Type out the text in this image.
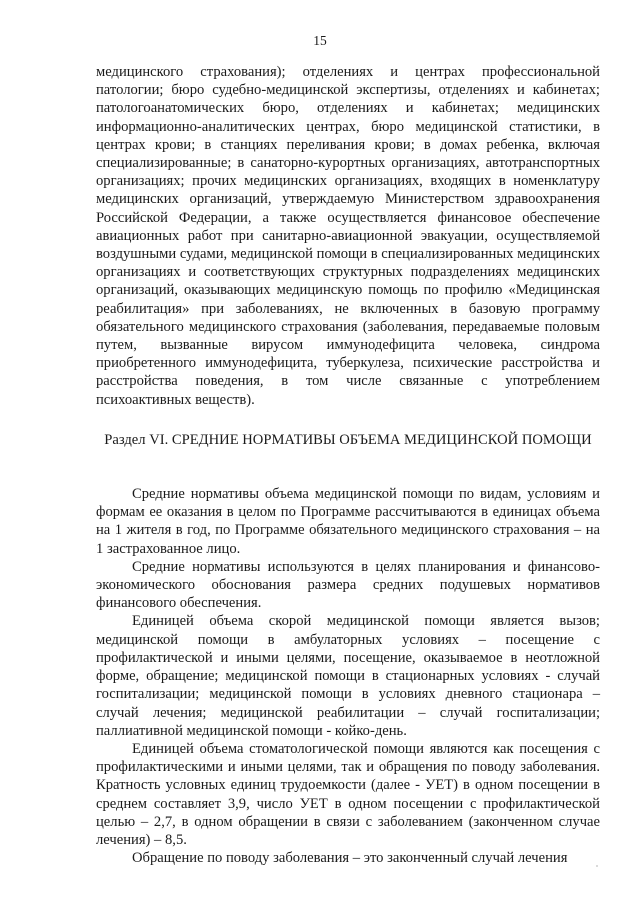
15

медицинского страхования); отделениях и центрах профессиональной патологии; бюро судебно-медицинской экспертизы, отделениях и кабинетах; патологоанатомических бюро, отделениях и кабинетах; медицинских информационно-аналитических центрах, бюро медицинской статистики, в центрах крови; в станциях переливания крови; в домах ребенка, включая специализированные; в санаторно-курортных организациях, автотранспортных организациях; прочих медицинских организациях, входящих в номенклатуру медицинских организаций, утверждаемую Министерством здравоохранения Российской Федерации, а также осуществляется финансовое обеспечение авиационных работ при санитарно-авиационной эвакуации, осуществляемой воздушными судами, медицинской помощи в специализированных медицинских организациях и соответствующих структурных подразделениях медицинских организаций, оказывающих медицинскую помощь по профилю «Медицинская реабилитация» при заболеваниях, не включенных в базовую программу обязательного медицинского страхования (заболевания, передаваемые половым путем, вызванные вирусом иммунодефицита человека, синдрома приобретенного иммунодефицита, туберкулеза, психические расстройства и расстройства поведения, в том числе связанные с употреблением психоактивных веществ).

Раздел VI. СРЕДНИЕ НОРМАТИВЫ ОБЪЕМА МЕДИЦИНСКОЙ ПОМОЩИ

Средние нормативы объема медицинской помощи по видам, условиям и формам ее оказания в целом по Программе рассчитываются в единицах объема на 1 жителя в год, по Программе обязательного медицинского страхования – на 1 застрахованное лицо.

Средние нормативы используются в целях планирования и финансово-экономического обоснования размера средних подушевых нормативов финансового обеспечения.

Единицей объема скорой медицинской помощи является вызов; медицинской помощи в амбулаторных условиях – посещение с профилактической и иными целями, посещение, оказываемое в неотложной форме, обращение; медицинской помощи в стационарных условиях - случай госпитализации; медицинской помощи в условиях дневного стационара – случай лечения; медицинской реабилитации – случай госпитализации; паллиативной медицинской помощи - койко-день.

Единицей объема стоматологической помощи являются как посещения с профилактическими и иными целями, так и обращения по поводу заболевания. Кратность условных единиц трудоемкости (далее - УЕТ) в одном посещении в среднем составляет 3,9, число УЕТ в одном посещении с профилактической целью – 2,7, в одном обращении в связи с заболеванием (законченном случае лечения) – 8,5.

Обращение по поводу заболевания – это законченный случай лечения
